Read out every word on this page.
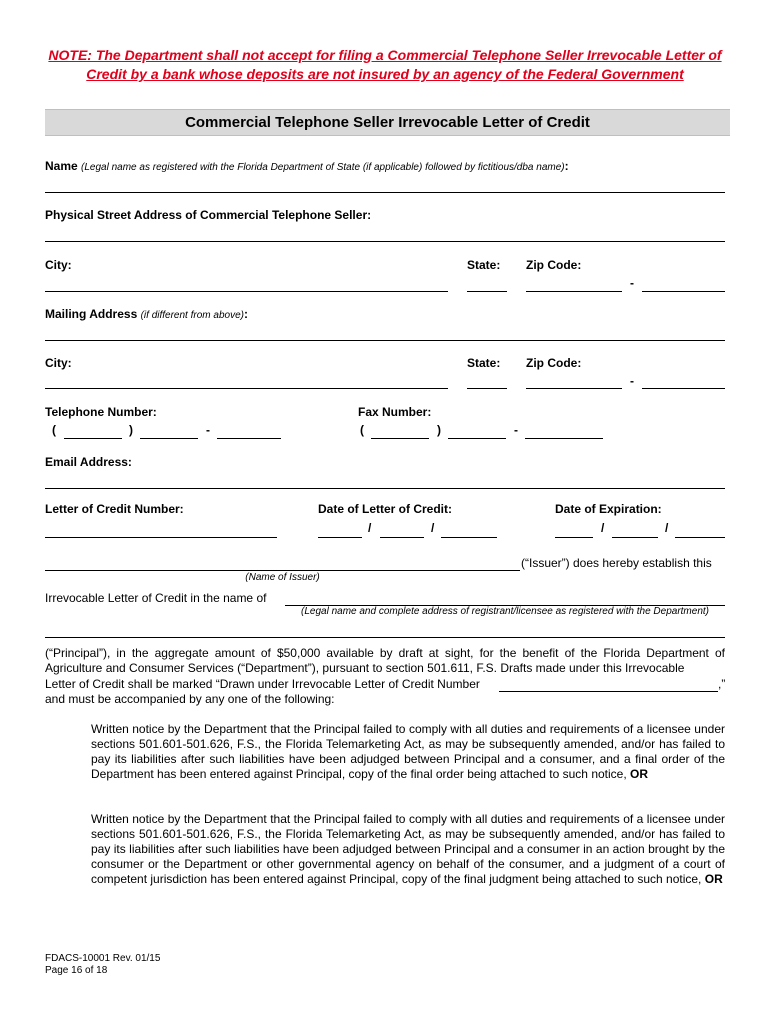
NOTE: The Department shall not accept for filing a Commercial Telephone Seller Irrevocable Letter of Credit by a bank whose deposits are not insured by an agency of the Federal Government
Commercial Telephone Seller Irrevocable Letter of Credit
Name (Legal name as registered with the Florida Department of State (if applicable) followed by fictitious/dba name):
Physical Street Address of Commercial Telephone Seller:
City:	State: Zip Code:
-
Mailing Address (if different from above):
City:	State: Zip Code:
-
Telephone Number:	Fax Number:
(	)	-	(	)	-
Email Address:
Letter of Credit Number:	Date of Letter of Credit:	Date of Expiration:
/	/	/	/
(“Issuer”) does hereby establish this
(Name of Issuer)
Irrevocable Letter of Credit in the name of
(Legal name and complete address of registrant/licensee as registered with the Department)
(“Principal”), in the aggregate amount of $50,000 available by draft at sight, for the benefit of the Florida Department of Agriculture and Consumer Services (“Department”), pursuant to section 501.611, F.S. Drafts made under this Irrevocable
Letter of Credit shall be marked “Drawn under Irrevocable Letter of Credit Number	,”
and must be accompanied by any one of the following:
Written notice by the Department that the Principal failed to comply with all duties and requirements of a licensee under sections 501.601-501.626, F.S., the Florida Telemarketing Act, as may be subsequently amended, and/or has failed to pay its liabilities after such liabilities have been adjudged between Principal and a consumer, and a final order of the Department has been entered against Principal, copy of the final order being attached to such notice, OR
Written notice by the Department that the Principal failed to comply with all duties and requirements of a licensee under sections 501.601-501.626, F.S., the Florida Telemarketing Act, as may be subsequently amended, and/or has failed to pay its liabilities after such liabilities have been adjudged between Principal and a consumer in an action brought by the consumer or the Department or other governmental agency on behalf of the consumer, and a judgment of a court of competent jurisdiction has been entered against Principal, copy of the final judgment being attached to such notice, OR
FDACS-10001 Rev. 01/15
Page 16 of 18
